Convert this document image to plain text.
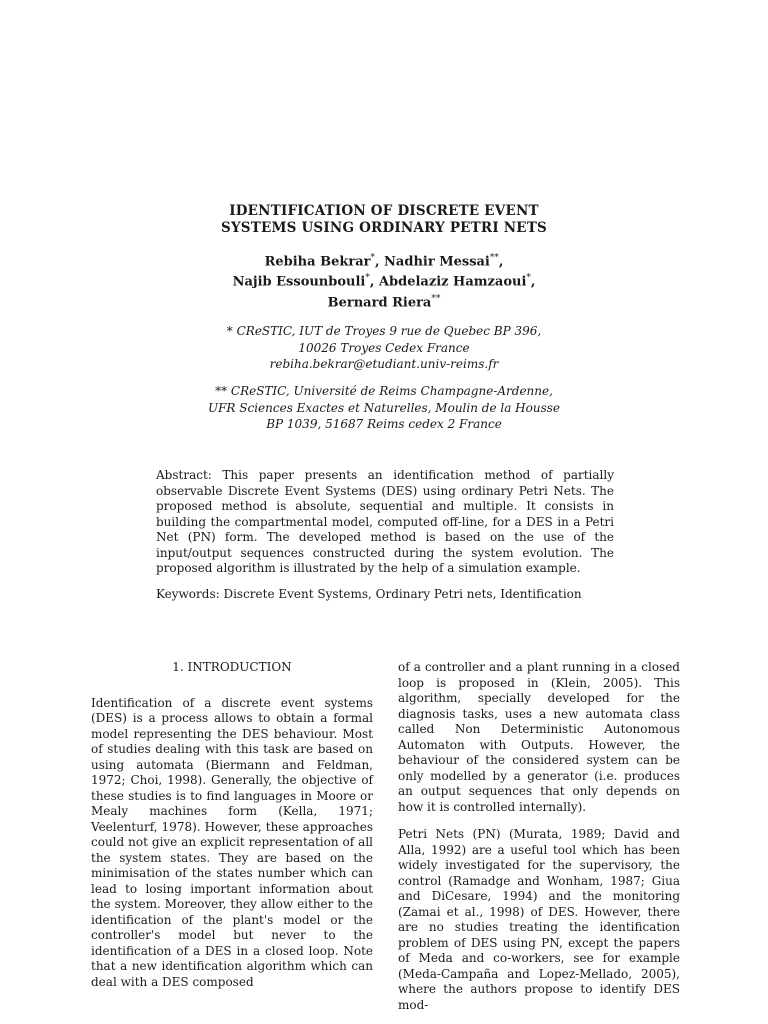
IDENTIFICATION OF DISCRETE EVENT
SYSTEMS USING ORDINARY PETRI NETS
Rebiha Bekrar*, Nadhir Messai**,
Najib Essounbouli*, Abdelaziz Hamzaoui*,
Bernard Riera**
* CReSTIC, IUT de Troyes 9 rue de Quebec BP 396,
10026 Troyes Cedex France
rebiha.bekrar@etudiant.univ-reims.fr
** CReSTIC, Université de Reims Champagne-Ardenne,
UFR Sciences Exactes et Naturelles, Moulin de la Housse
BP 1039, 51687 Reims cedex 2 France
Abstract: This paper presents an identification method of partially observable Discrete Event Systems (DES) using ordinary Petri Nets. The proposed method is absolute, sequential and multiple. It consists in building the compartmental model, computed off-line, for a DES in a Petri Net (PN) form. The developed method is based on the use of the input/output sequences constructed during the system evolution. The proposed algorithm is illustrated by the help of a simulation example.
Keywords: Discrete Event Systems, Ordinary Petri nets, Identification

1. INTRODUCTION

Identification of a discrete event systems (DES) is a process allows to obtain a formal model representing the DES behaviour. Most of studies dealing with this task are based on using automata (Biermann and Feldman, 1972; Choi, 1998). Generally, the objective of these studies is to find languages in Moore or Mealy machines form (Kella, 1971; Veelenturf, 1978). However, these approaches could not give an explicit representation of all the system states. They are based on the minimisation of the states number which can lead to losing important information about the system. Moreover, they allow either to the identification of the plant's model or the controller's model but never to the identification of a DES in a closed loop. Note that a new identification algorithm which can deal with a DES composed

of a controller and a plant running in a closed loop is proposed in (Klein, 2005). This algorithm, specially developed for the diagnosis tasks, uses a new automata class called Non Deterministic Autonomous Automaton with Outputs. However, the behaviour of the considered system can be only modelled by a generator (i.e. produces an output sequences that only depends on how it is controlled internally).

Petri Nets (PN) (Murata, 1989; David and Alla, 1992) are a useful tool which has been widely investigated for the supervisory, the control (Ramadge and Wonham, 1987; Giua and DiCesare, 1994) and the monitoring (Zamai et al., 1998) of DES. However, there are no studies treating the identification problem of DES using PN, except the papers of Meda and co-workers, see for example (Meda-Campaña and Lopez-Mellado, 2005), where the authors propose to identify DES mod-
